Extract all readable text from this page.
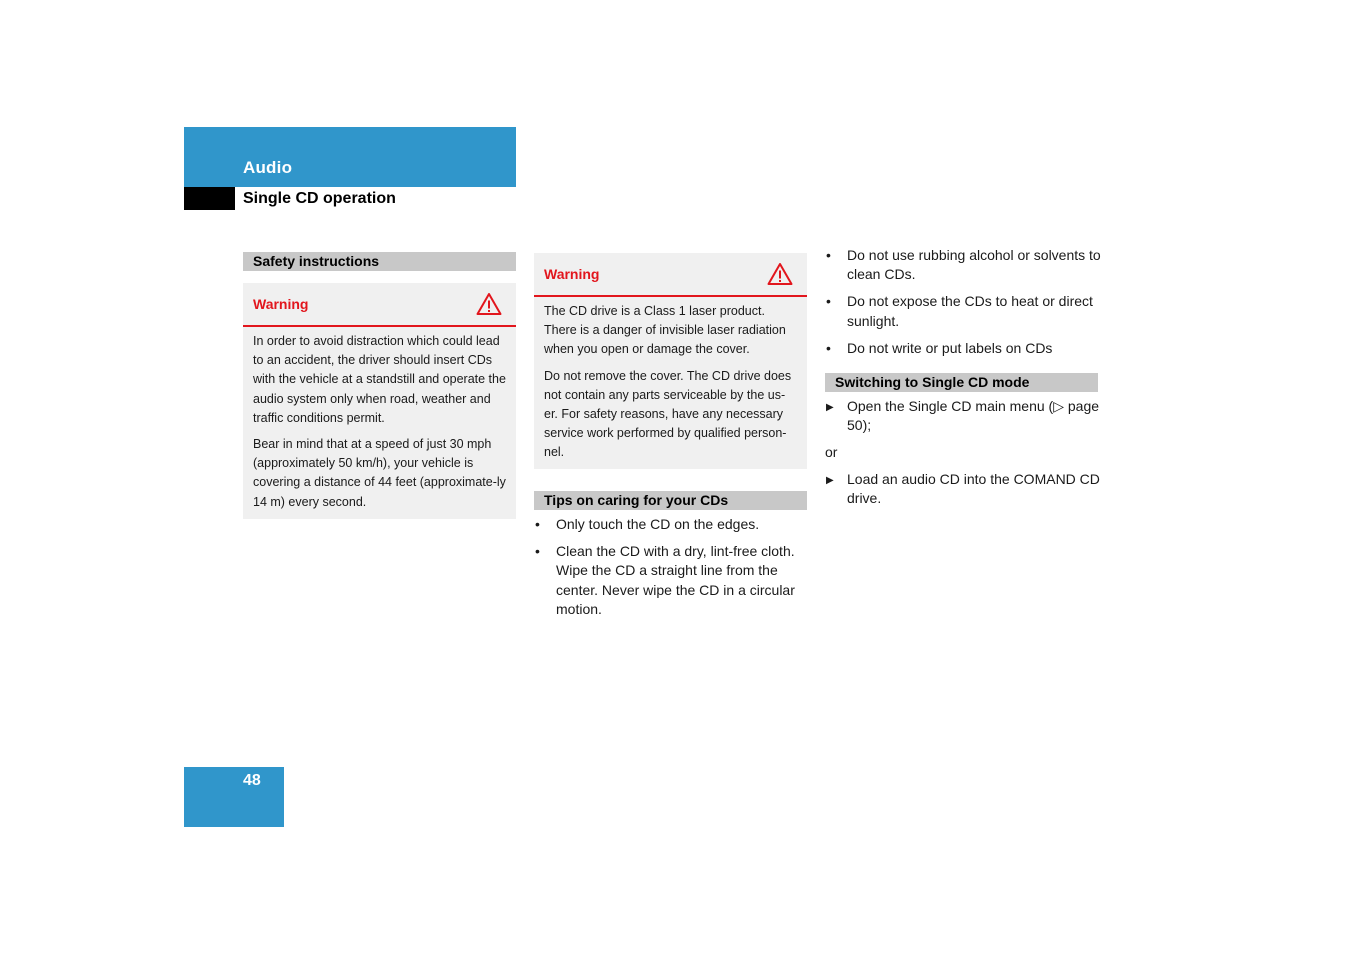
Audio
Single CD operation
Safety instructions
Warning

In order to avoid distraction which could lead to an accident, the driver should insert CDs with the vehicle at a standstill and operate the audio system only when road, weather and traffic conditions permit.

Bear in mind that at a speed of just 30 mph (approximately 50 km/h), your vehicle is covering a distance of 44 feet (approximate-ly 14 m) every second.

Warning

The CD drive is a Class 1 laser product. There is a danger of invisible laser radiation when you open or damage the cover.

Do not remove the cover. The CD drive does not contain any parts serviceable by the us-er. For safety reasons, have any necessary service work performed by qualified person-nel.

Tips on caring for your CDs
• Only touch the CD on the edges.
• Clean the CD with a dry, lint-free cloth. Wipe the CD a straight line from the center. Never wipe the CD in a circular motion.
• Do not use rubbing alcohol or solvents to clean CDs.
• Do not expose the CDs to heat or direct sunlight.
• Do not write or put labels on CDs
Switching to Single CD mode
▶ Open the Single CD main menu (▷ page 50);
or
▶ Load an audio CD into the COMAND CD drive.
48
